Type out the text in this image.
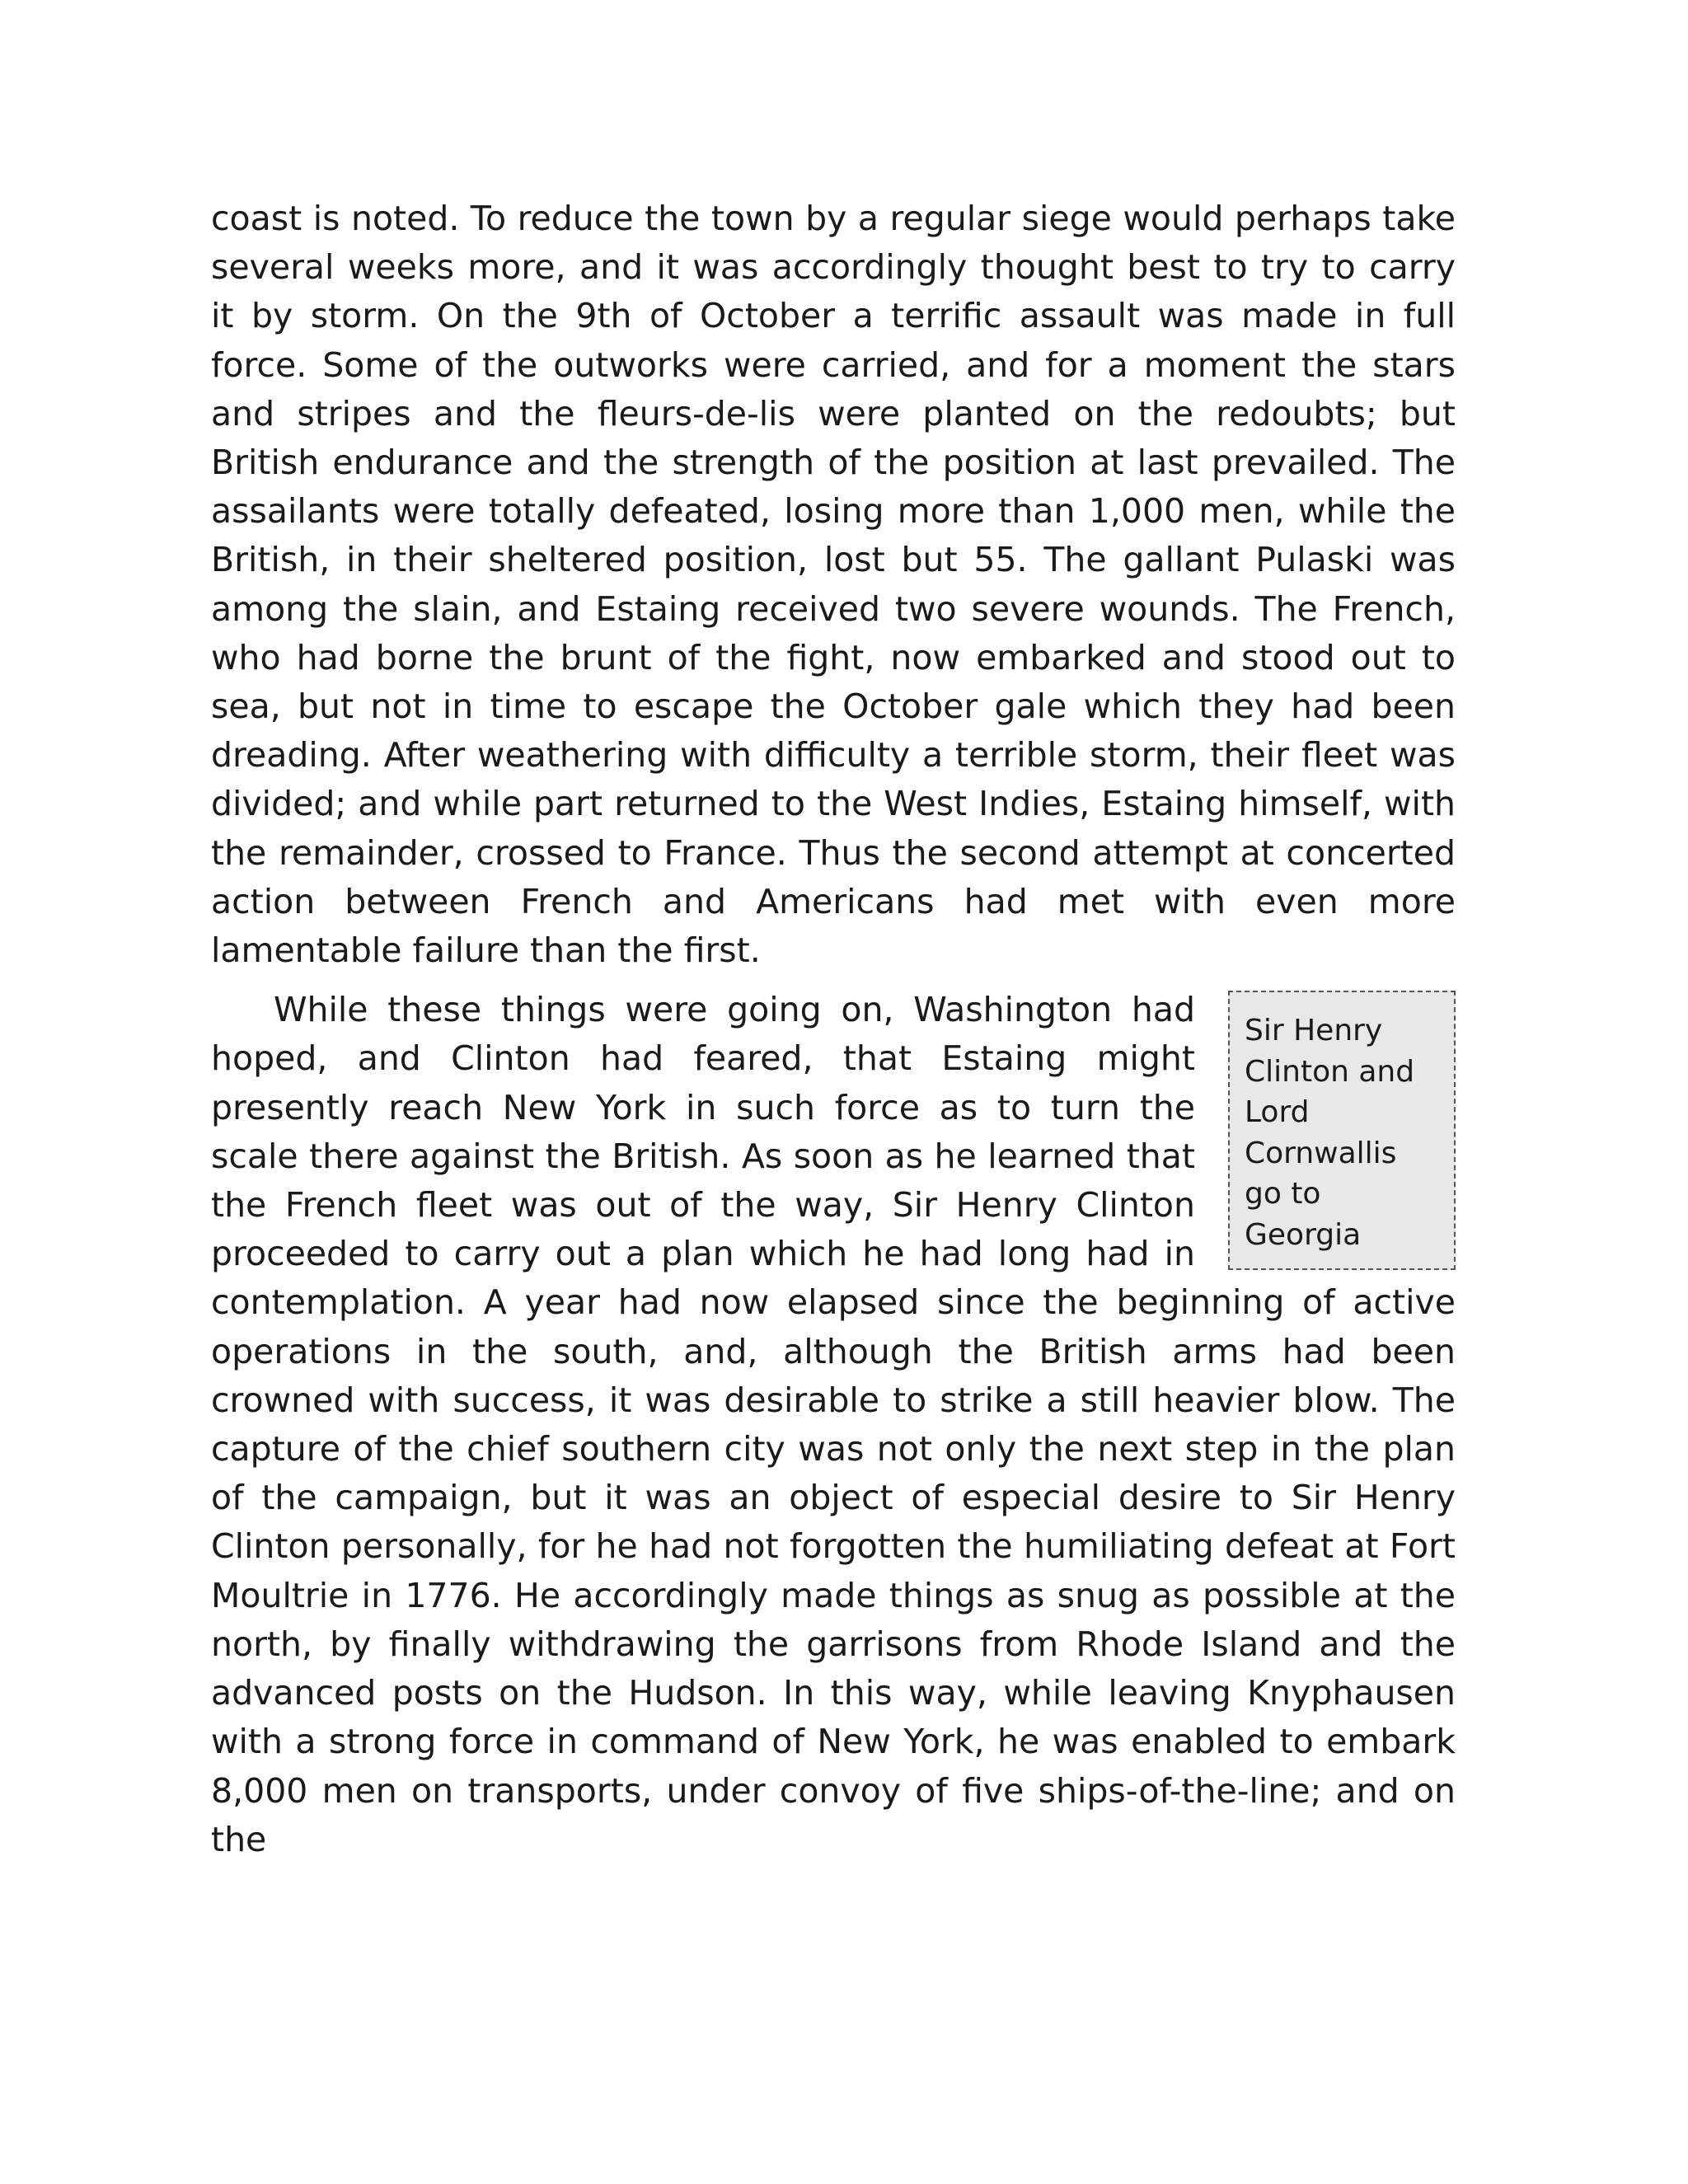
coast is noted. To reduce the town by a regular siege would perhaps take several weeks more, and it was accordingly thought best to try to carry it by storm. On the 9th of October a terrific assault was made in full force. Some of the outworks were carried, and for a moment the stars and stripes and the fleurs-de-lis were planted on the redoubts; but British endurance and the strength of the position at last prevailed. The assailants were totally defeated, losing more than 1,000 men, while the British, in their sheltered position, lost but 55. The gallant Pulaski was among the slain, and Estaing received two severe wounds. The French, who had borne the brunt of the fight, now embarked and stood out to sea, but not in time to escape the October gale which they had been dreading. After weathering with difficulty a terrible storm, their fleet was divided; and while part returned to the West Indies, Estaing himself, with the remainder, crossed to France. Thus the second attempt at concerted action between French and Americans had met with even more lamentable failure than the first.

Sir Henry Clinton and Lord Cornwallis go to Georgia
While these things were going on, Washington had hoped, and Clinton had feared, that Estaing might presently reach New York in such force as to turn the scale there against the British. As soon as he learned that the French fleet was out of the way, Sir Henry Clinton proceeded to carry out a plan which he had long had in contemplation. A year had now elapsed since the beginning of active operations in the south, and, although the British arms had been crowned with success, it was desirable to strike a still heavier blow. The capture of the chief southern city was not only the next step in the plan of the campaign, but it was an object of especial desire to Sir Henry Clinton personally, for he had not forgotten the humiliating defeat at Fort Moultrie in 1776. He accordingly made things as snug as possible at the north, by finally withdrawing the garrisons from Rhode Island and the advanced posts on the Hudson. In this way, while leaving Knyphausen with a strong force in command of New York, he was enabled to embark 8,000 men on transports, under convoy of five ships-of-the-line; and on the
